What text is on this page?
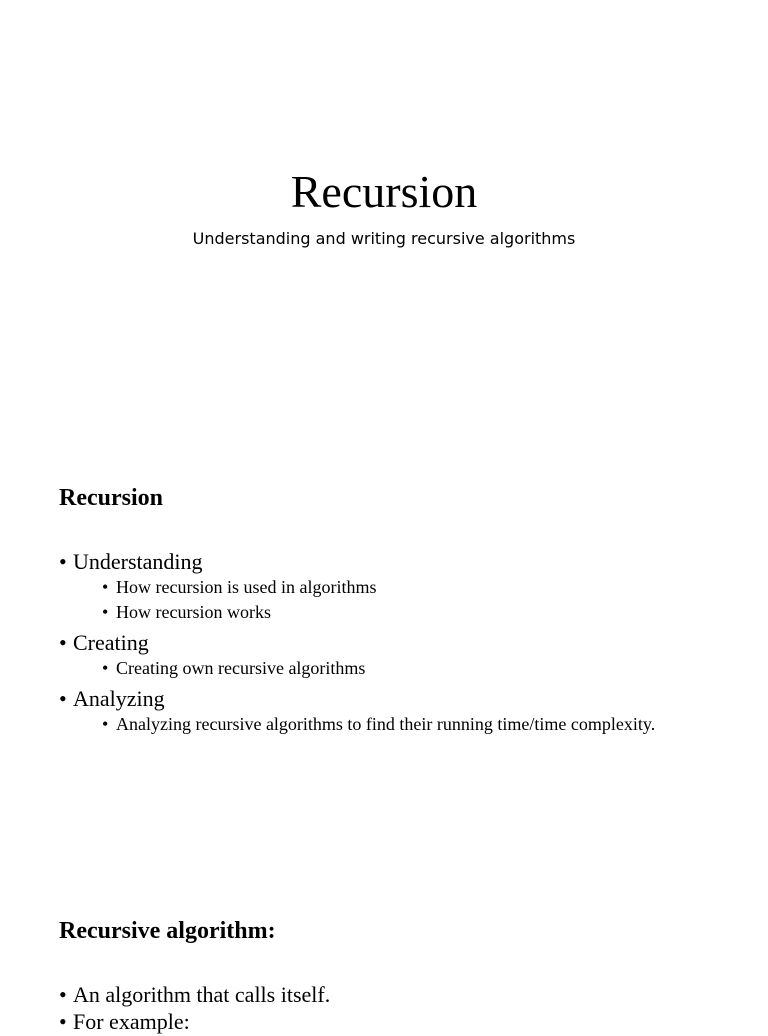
Recursion

Understanding and writing recursive algorithms

Recursion
• Understanding
• How recursion is used in algorithms
• How recursion works
• Creating
• Creating own recursive algorithms
• Analyzing
• Analyzing recursive algorithms to find their running time/time complexity.
Recursive algorithm:
• An algorithm that calls itself.
• For example:
